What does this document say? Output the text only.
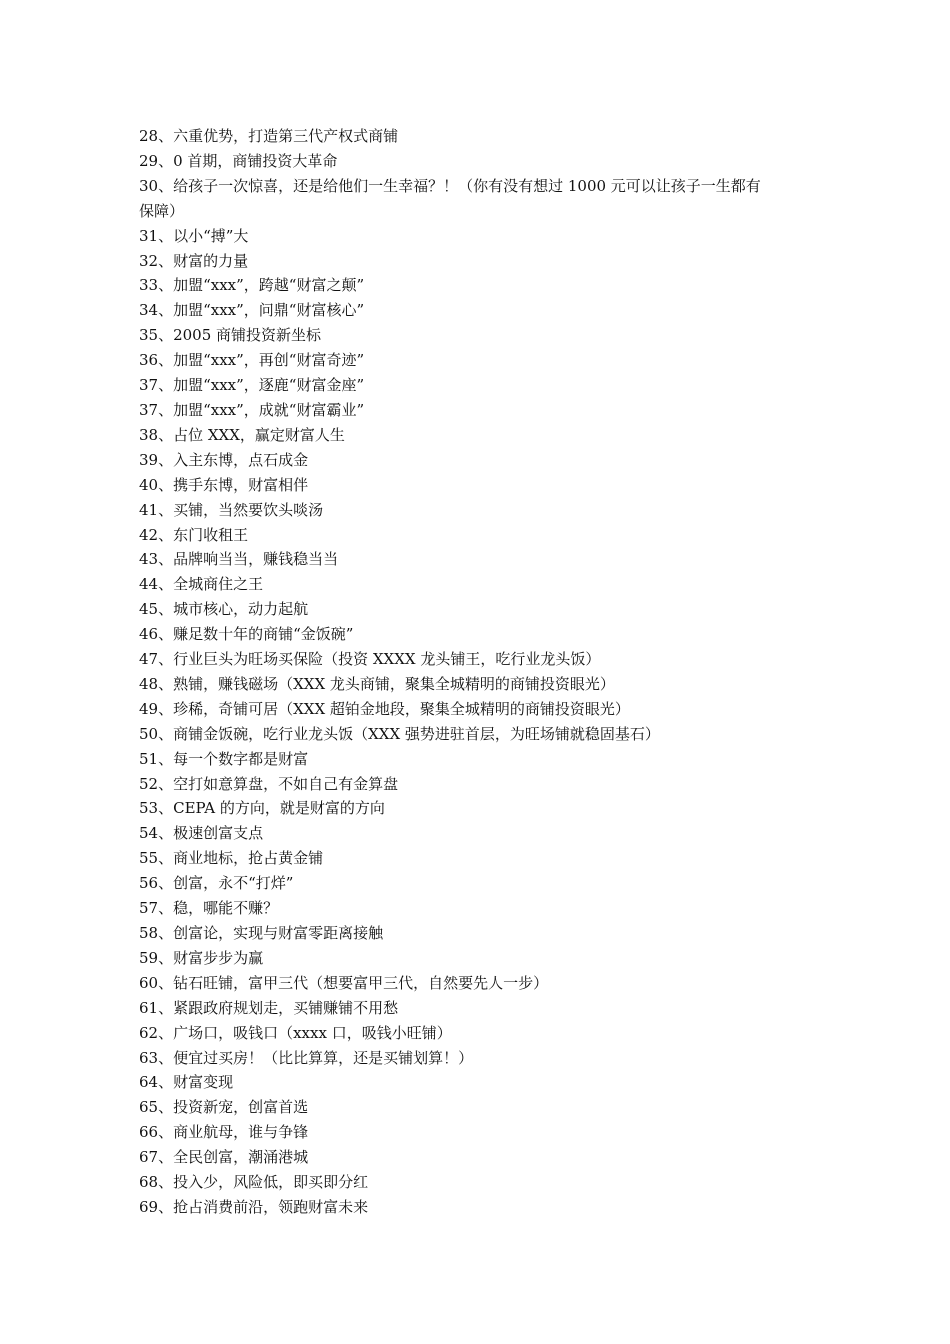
28、六重优势，打造第三代产权式商铺
29、0 首期，商铺投资大革命
30、给孩子一次惊喜，还是给他们一生幸福？！（你有没有想过 1000 元可以让孩子一生都有
保障）
31、以小“搏”大
32、财富的力量
33、加盟“xxx”，跨越“财富之颠”
34、加盟“xxx”，问鼎“财富核心”
35、2005 商铺投资新坐标
36、加盟“xxx”，再创“财富奇迹”
37、加盟“xxx”，逐鹿“财富金座”
37、加盟“xxx”，成就“财富霸业”
38、占位 XXX，赢定财富人生
39、入主东博，点石成金
40、携手东博，财富相伴
41、买铺，当然要饮头啖汤
42、东门收租王
43、品牌响当当，赚钱稳当当
44、全城商住之王
45、城市核心，动力起航
46、赚足数十年的商铺“金饭碗”
47、行业巨头为旺场买保险（投资 XXXX 龙头铺王，吃行业龙头饭）
48、熟铺，赚钱磁场（XXX 龙头商铺，聚集全城精明的商铺投资眼光）
49、珍稀，奇铺可居（XXX 超铂金地段，聚集全城精明的商铺投资眼光）
50、商铺金饭碗，吃行业龙头饭（XXX 强势进驻首层，为旺场铺就稳固基石）
51、每一个数字都是财富
52、空打如意算盘，不如自己有金算盘
53、CEPA 的方向，就是财富的方向
54、极速创富支点
55、商业地标，抢占黄金铺
56、创富，永不“打烊”
57、稳，哪能不赚？
58、创富论，实现与财富零距离接触
59、财富步步为赢
60、钻石旺铺，富甲三代（想要富甲三代，自然要先人一步）
61、紧跟政府规划走，买铺赚铺不用愁
62、广场口，吸钱口（xxxx 口，吸钱小旺铺）
63、便宜过买房！（比比算算，还是买铺划算！）
64、财富变现
65、投资新宠，创富首选
66、商业航母，谁与争锋
67、全民创富，潮涌港城
68、投入少，风险低，即买即分红
69、抢占消费前沿，领跑财富未来
